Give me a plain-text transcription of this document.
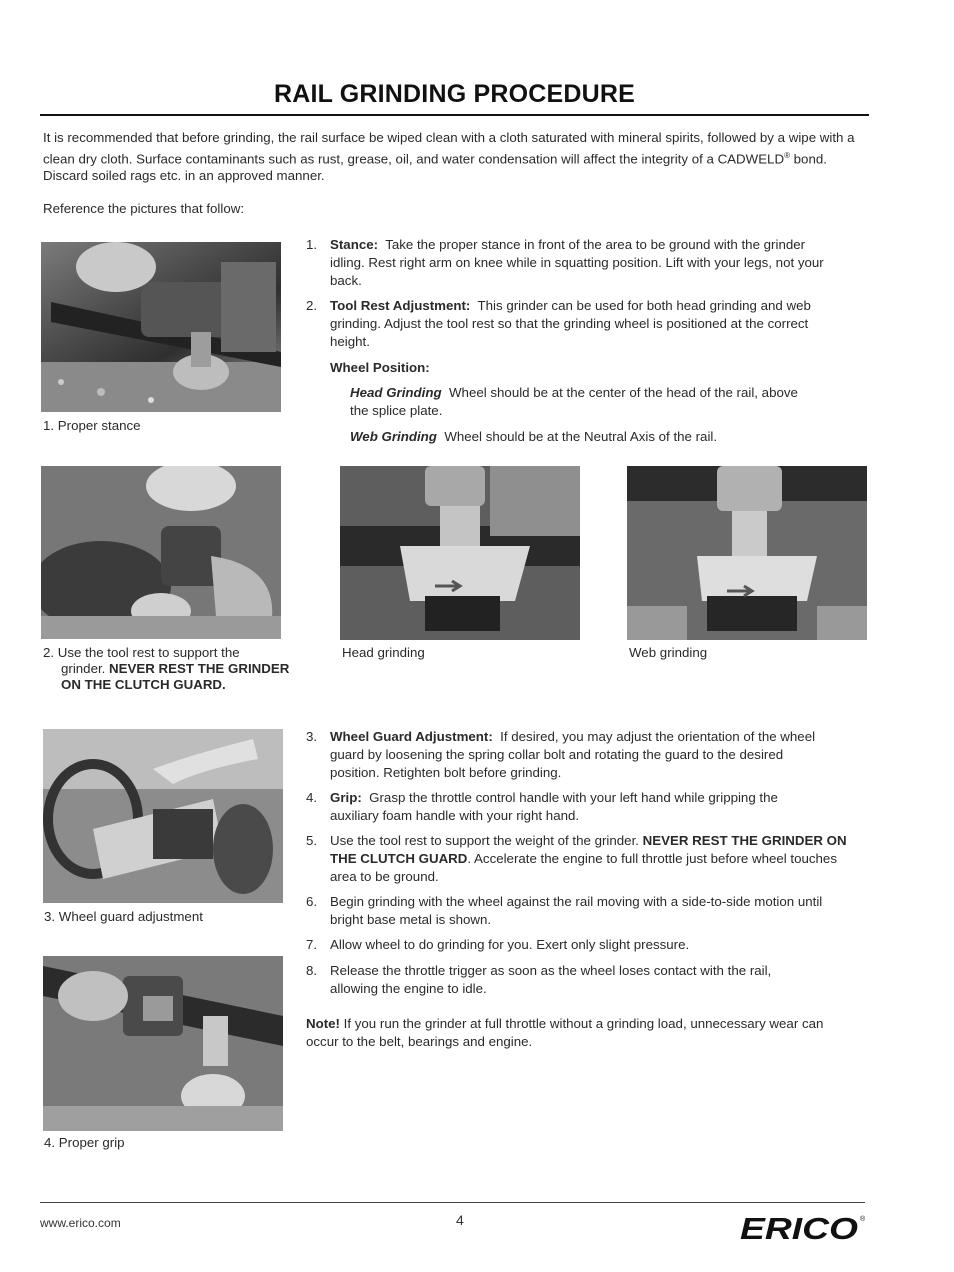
RAIL GRINDING PROCEDURE
It is recommended that before grinding, the rail surface be wiped clean with a cloth saturated with mineral spirits, followed by a wipe with a clean dry cloth. Surface contaminants such as rust, grease, oil, and water condensation will affect the integrity of a CADWELD® bond. Discard soiled rags etc. in an approved manner.
Reference the pictures that follow:
1. Proper stance
1. Stance: Take the proper stance in front of the area to be ground with the grinder idling. Rest right arm on knee while in squatting position. Lift with your legs, not your back.
2. Tool Rest Adjustment: This grinder can be used for both head grinding and web grinding. Adjust the tool rest so that the grinding wheel is positioned at the correct height.
Wheel Position:
Head Grinding Wheel should be at the center of the head of the rail, above the splice plate.
Web Grinding Wheel should be at the Neutral Axis of the rail.
2. Use the tool rest to support the
grinder. NEVER REST THE GRINDER
ON THE CLUTCH GUARD.
Head grinding	Web grinding
3. Wheel guard adjustment
4. Proper grip
3. Wheel Guard Adjustment: If desired, you may adjust the orientation of the wheel guard by loosening the spring collar bolt and rotating the guard to the desired position. Retighten bolt before grinding.
4. Grip: Grasp the throttle control handle with your left hand while gripping the auxiliary foam handle with your right hand.
5. Use the tool rest to support the weight of the grinder. NEVER REST THE GRINDER ON THE CLUTCH GUARD. Accelerate the engine to full throttle just before wheel touches area to be ground.
6. Begin grinding with the wheel against the rail moving with a side-to-side motion until bright base metal is shown.
7. Allow wheel to do grinding for you. Exert only slight pressure.
8. Release the throttle trigger as soon as the wheel loses contact with the rail, allowing the engine to idle.
Note! If you run the grinder at full throttle without a grinding load, unnecessary wear can occur to the belt, bearings and engine.
www.erico.com	4	ERICO ®
